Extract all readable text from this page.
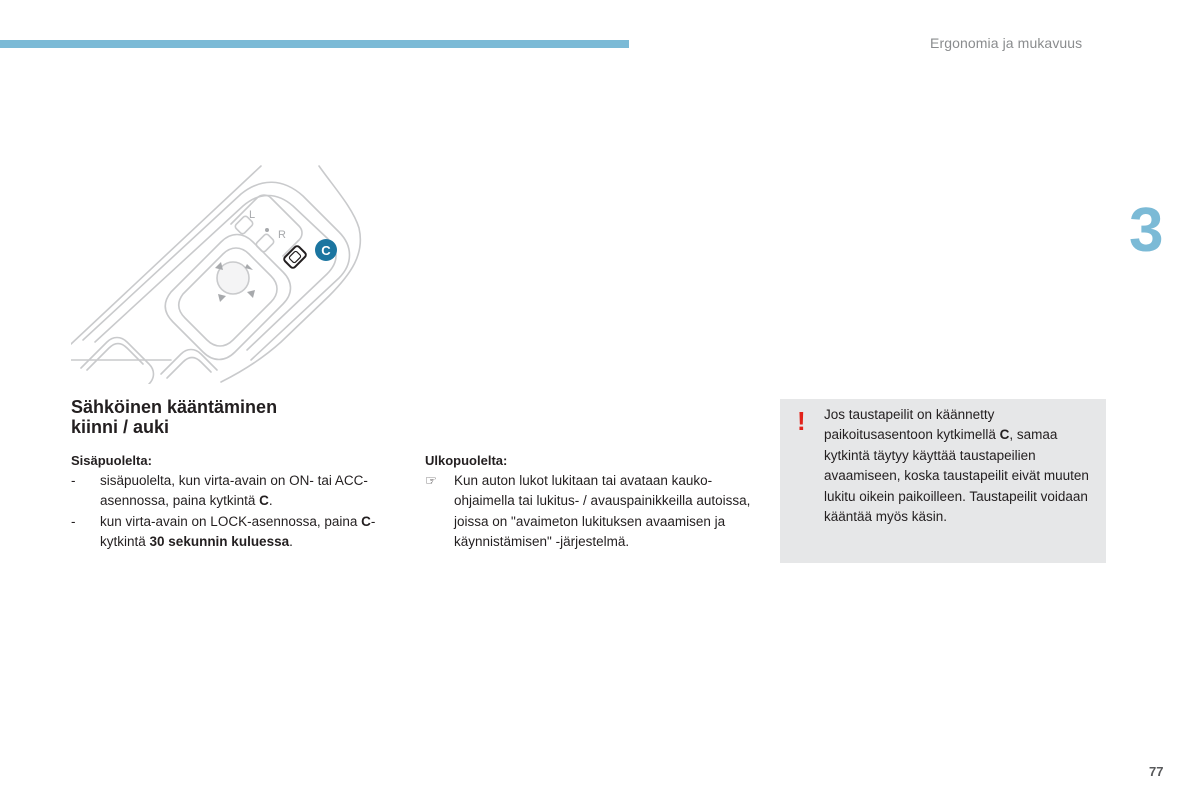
Ergonomia ja mukavuus
3
L
R
C
Sähköinen kääntäminen
kiinni / auki
Sisäpuolelta:
- sisäpuolelta, kun virta-avain on ON- tai ACC-asennossa, paina kytkintä C.
- kun virta-avain on LOCK-asennossa, paina C-kytkintä 30 sekunnin kuluessa.
Ulkopuolelta:
☞ Kun auton lukot lukitaan tai avataan kauko-ohjaimella tai lukitus- / avauspainikkeilla autoissa, joissa on "avaimeton lukituksen avaamisen ja käynnistämisen" -järjestelmä.
! Jos taustapeilit on käännetty paikoitusasentoon kytkimellä C, samaa kytkintä täytyy käyttää taustapeilien avaamiseen, koska taustapeilit eivät muuten lukitu oikein paikoilleen. Taustapeilit voidaan kääntää myös käsin.
77
